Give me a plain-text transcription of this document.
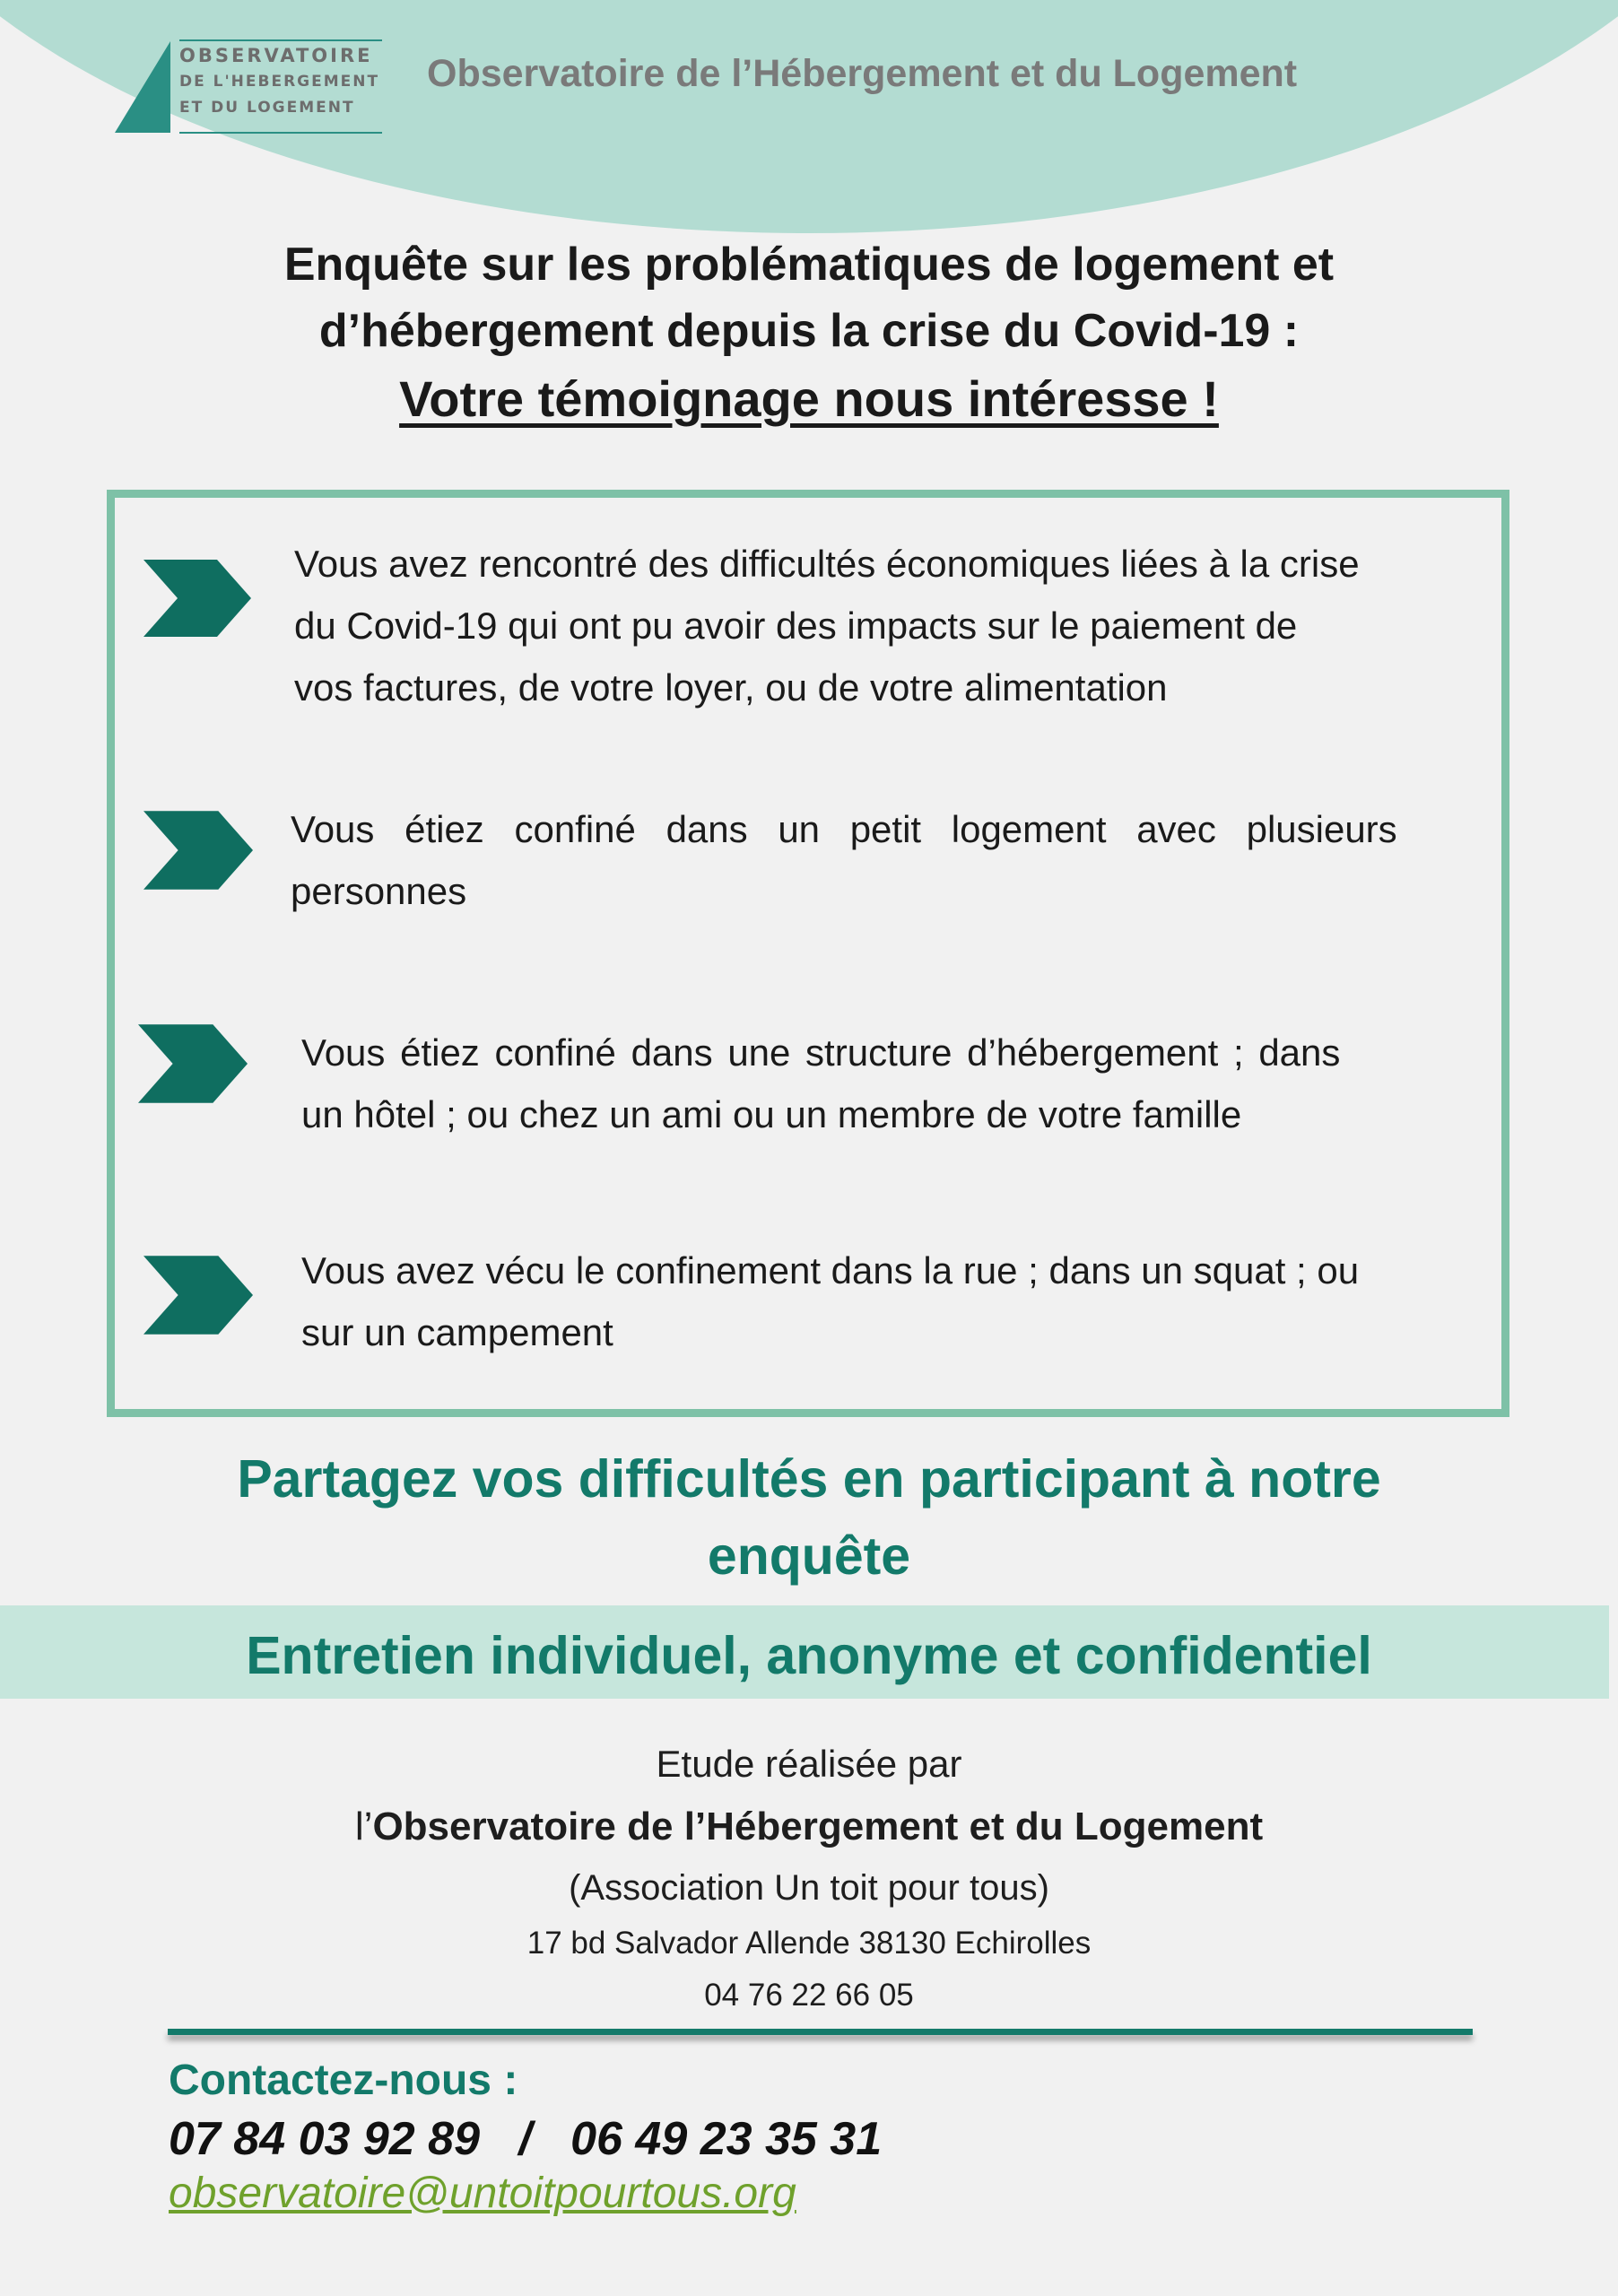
OBSERVATOIRE
DE L'HEBERGEMENT
ET DU LOGEMENT
Observatoire de l’Hébergement et du Logement
Enquête sur les problématiques de logement et
d’hébergement depuis la crise du Covid-19 :
Votre témoignage nous intéresse !
Vous avez rencontré des difficultés économiques liées à la crise
du Covid-19 qui ont pu avoir des impacts sur le paiement de
vos factures, de votre loyer, ou de votre alimentation
Vous étiez confiné dans un petit logement avec plusieurs
personnes
Vous étiez confiné dans une structure d’hébergement ; dans
un hôtel ; ou chez un ami ou un membre de votre famille
Vous avez vécu le confinement dans la rue ; dans un squat ; ou
sur un campement
Partagez vos difficultés en participant à notre
enquête
Entretien individuel, anonyme et confidentiel
Etude réalisée par
l’Observatoire de l’Hébergement et du Logement
(Association Un toit pour tous)
17 bd Salvador Allende 38130 Echirolles
04 76 22 66 05
Contactez-nous :
07 84 03 92 89   /   06 49 23 35 31
observatoire@untoitpourtous.org
